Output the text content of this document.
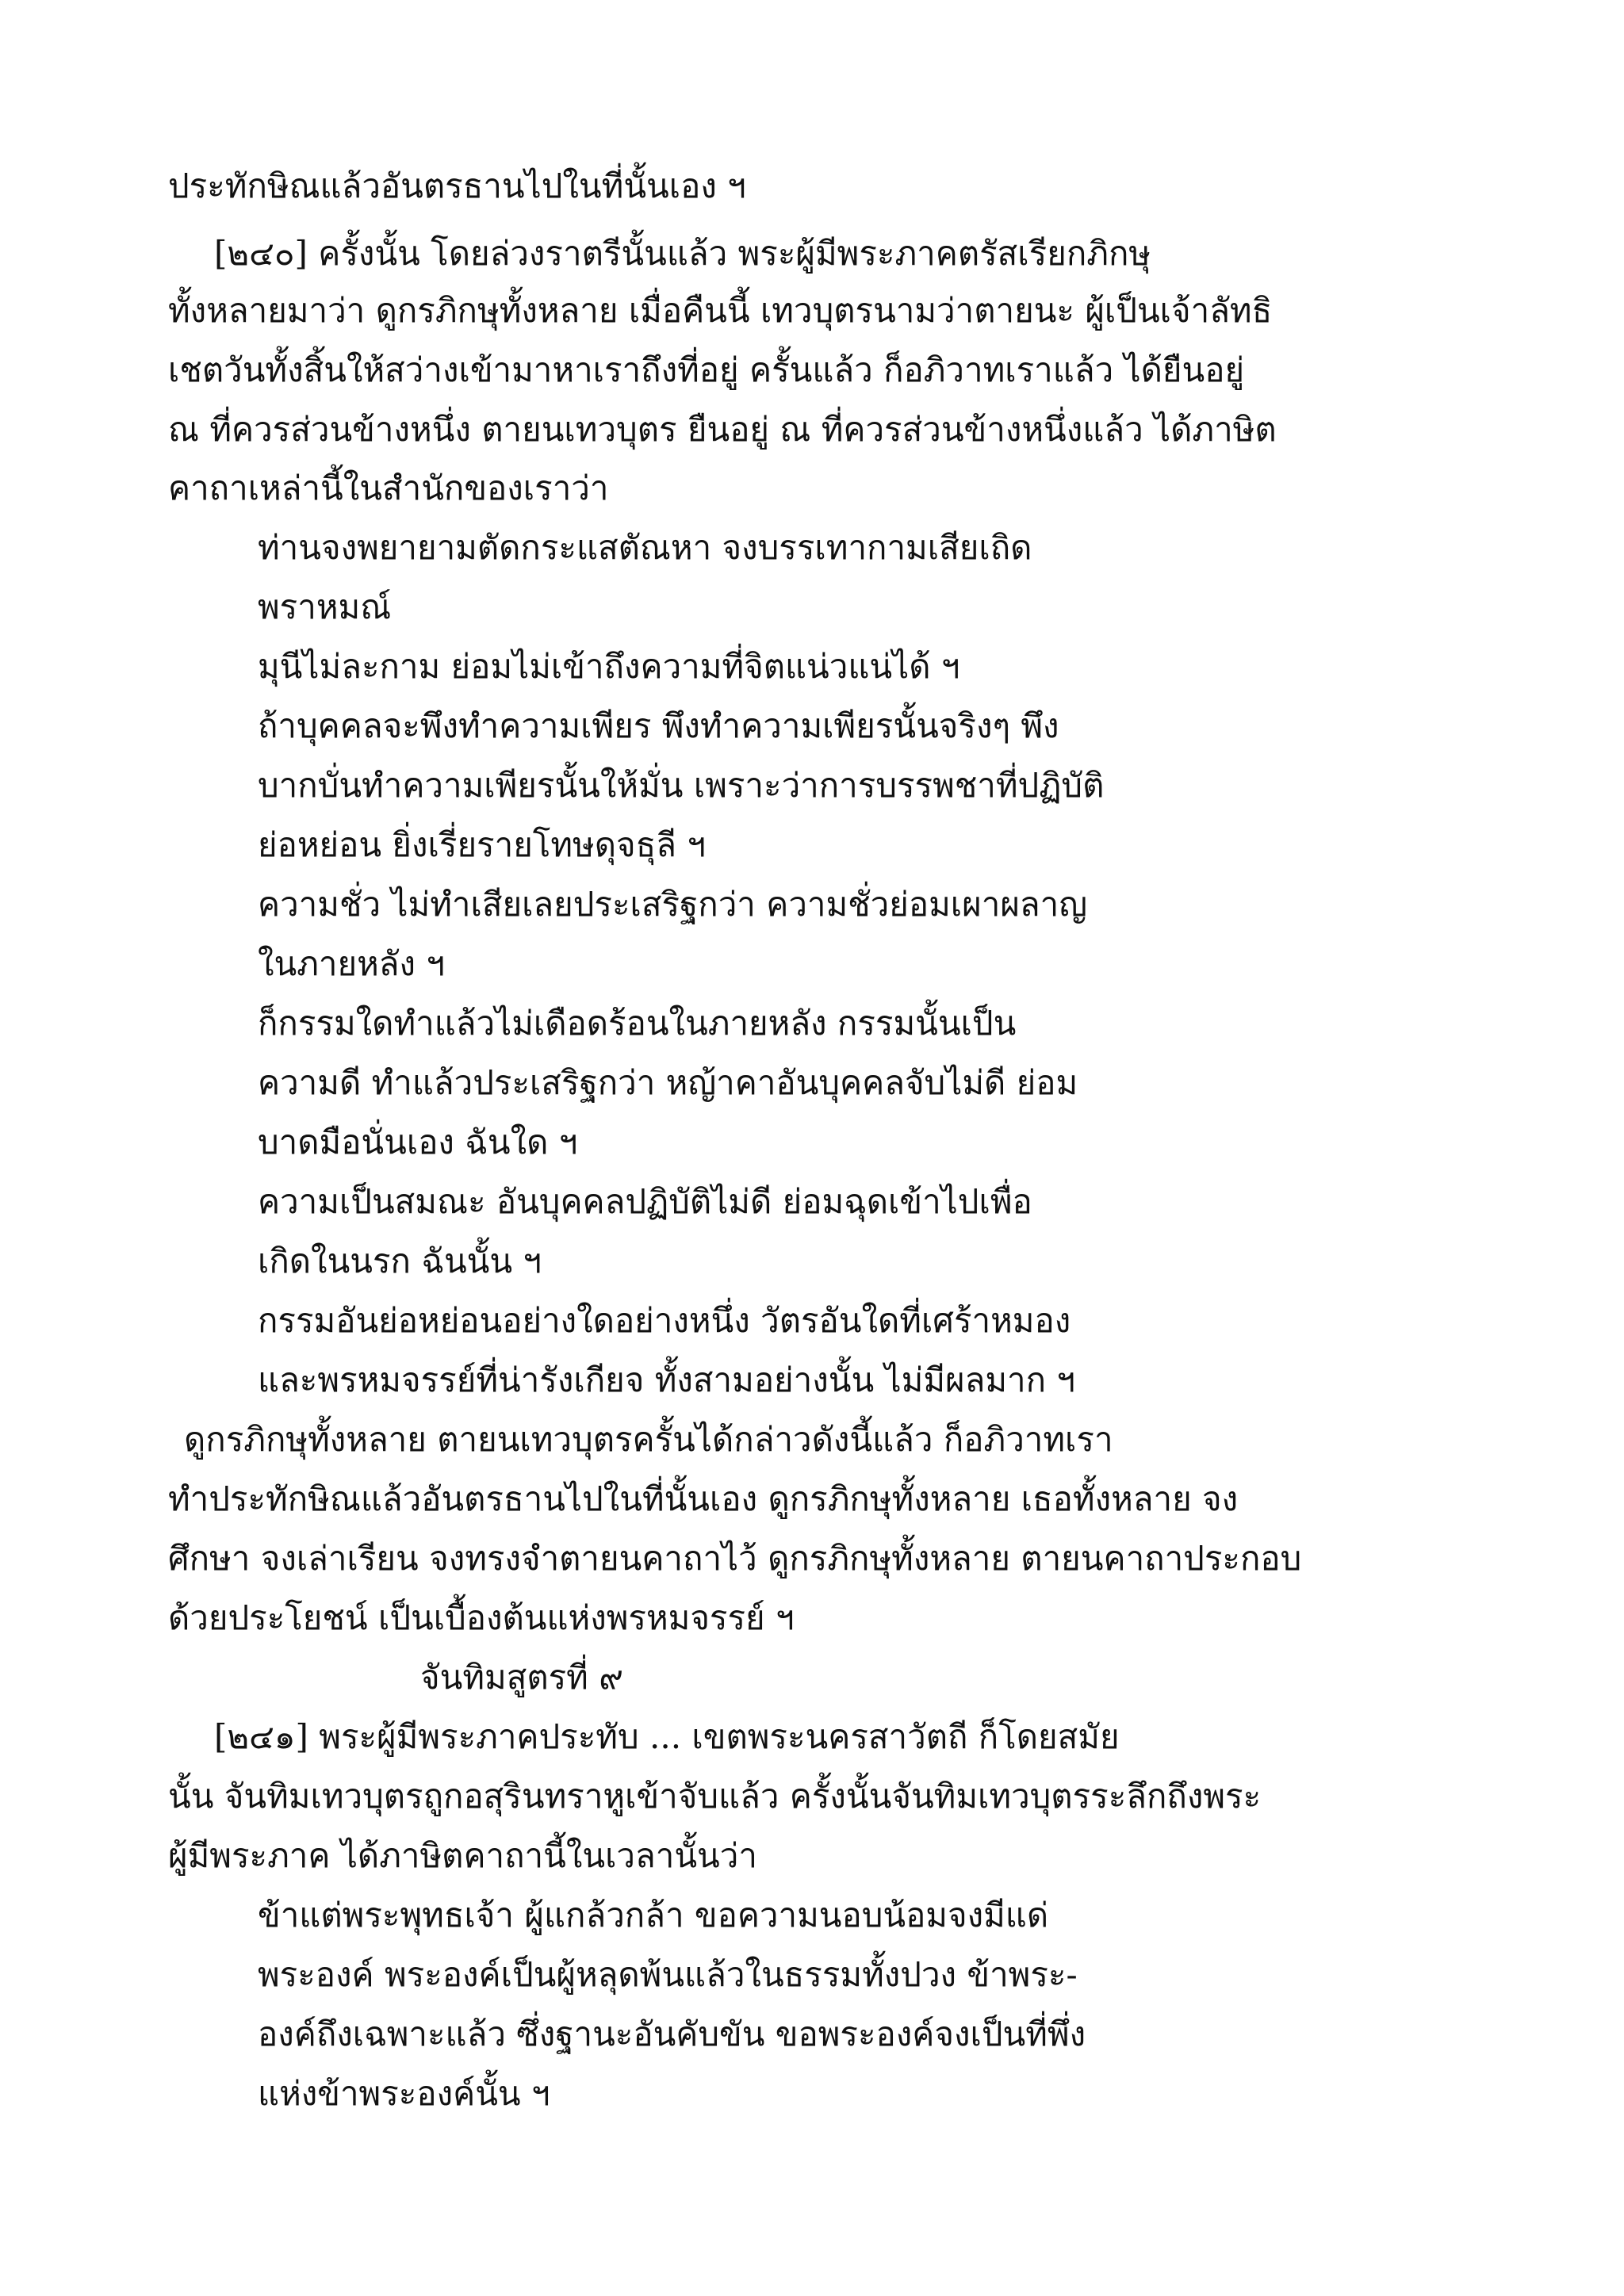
ประทักษิณแล้วอันตรธานไปในที่นั้นเอง ฯ
[๒๔๐] ครั้งนั้น โดยล่วงราตรีนั้นแล้ว พระผู้มีพระภาคตรัสเรียกภิกษุ
ทั้งหลายมาว่า ดูกรภิกษุทั้งหลาย เมื่อคืนนี้ เทวบุตรนามว่าตายนะ ผู้เป็นเจ้าลัทธิ
เชตวันทั้งสิ้นให้สว่างเข้ามาหาเราถึงที่อยู่ ครั้นแล้ว ก็อภิวาทเราแล้ว ได้ยืนอยู่
ณ ที่ควรส่วนข้างหนึ่ง ตายนเทวบุตร ยืนอยู่ ณ ที่ควรส่วนข้างหนึ่งแล้ว ได้ภาษิต
คาถาเหล่านี้ในสำนักของเราว่า
ท่านจงพยายามตัดกระแสตัณหา จงบรรเทากามเสียเถิด
พราหมณ์
มุนีไม่ละกาม ย่อมไม่เข้าถึงความที่จิตแน่วแน่ได้ ฯ
ถ้าบุคคลจะพึงทำความเพียร พึงทำความเพียรนั้นจริงๆ พึง
บากบั่นทำความเพียรนั้นให้มั่น เพราะว่าการบรรพชาที่ปฏิบัติ
ย่อหย่อน ยิ่งเรี่ยรายโทษดุจธุลี ฯ
ความชั่ว ไม่ทำเสียเลยประเสริฐกว่า ความชั่วย่อมเผาผลาญ
ในภายหลัง ฯ
ก็กรรมใดทำแล้วไม่เดือดร้อนในภายหลัง กรรมนั้นเป็น
ความดี ทำแล้วประเสริฐกว่า หญ้าคาอันบุคคลจับไม่ดี ย่อม
บาดมือนั่นเอง ฉันใด ฯ
ความเป็นสมณะ อันบุคคลปฏิบัติไม่ดี ย่อมฉุดเข้าไปเพื่อ
เกิดในนรก ฉันนั้น ฯ
กรรมอันย่อหย่อนอย่างใดอย่างหนึ่ง วัตรอันใดที่เศร้าหมอง
และพรหมจรรย์ที่น่ารังเกียจ ทั้งสามอย่างนั้น ไม่มีผลมาก ฯ
ดูกรภิกษุทั้งหลาย ตายนเทวบุตรครั้นได้กล่าวดังนี้แล้ว ก็อภิวาทเรา
ทำประทักษิณแล้วอันตรธานไปในที่นั้นเอง ดูกรภิกษุทั้งหลาย เธอทั้งหลาย จง
ศึกษา จงเล่าเรียน จงทรงจำตายนคาถาไว้ ดูกรภิกษุทั้งหลาย ตายนคาถาประกอบ
ด้วยประโยชน์ เป็นเบื้องต้นแห่งพรหมจรรย์ ฯ
จันทิมสูตรที่ ๙
[๒๔๑] พระผู้มีพระภาคประทับ ... เขตพระนครสาวัตถี ก็โดยสมัย
นั้น จันทิมเทวบุตรถูกอสุรินทราหูเข้าจับแล้ว ครั้งนั้นจันทิมเทวบุตรระลึกถึงพระ
ผู้มีพระภาค ได้ภาษิตคาถานี้ในเวลานั้นว่า
ข้าแต่พระพุทธเจ้า ผู้แกล้วกล้า ขอความนอบน้อมจงมีแด่
พระองค์ พระองค์เป็นผู้หลุดพ้นแล้วในธรรมทั้งปวง ข้าพระ-
องค์ถึงเฉพาะแล้ว ซึ่งฐานะอันคับขัน ขอพระองค์จงเป็นที่พึ่ง
แห่งข้าพระองค์นั้น ฯ
